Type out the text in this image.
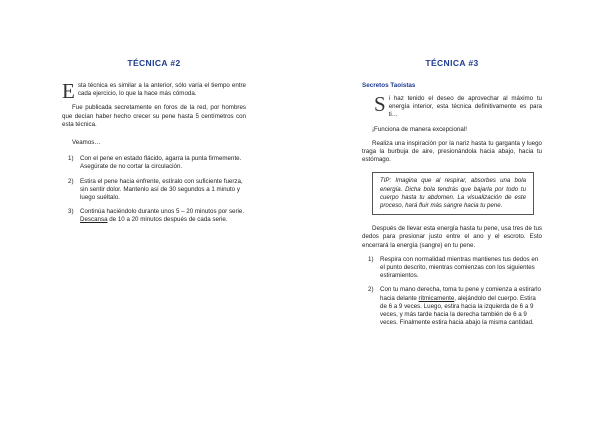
TÉCNICA #2

Esta técnica es similar a la anterior, sólo varía el tiempo entre cada ejercicio, lo que la hace más cómoda.

Fue publicada secretamente en foros de la red, por hombres que decían haber hecho crecer su pene hasta 5 centímetros con esta técnica.

Veamos…

1) Con el pene en estado flácido, agarra la punta firmemente. Asegúrate de no cortar la circulación.
2) Estira el pene hacia enfrente, estíralo con suficiente fuerza, sin sentir dolor. Mantenlo así de 30 segundos a 1 minuto y luego suéltalo.
3) Continúa haciéndolo durante unos 5 – 20 minutos por serie. Descansa de 10 a 20 minutos después de cada serie.
TÉCNICA #3
Secretos Taoístas

Si haz tenido el deseo de aprovechar al máximo tu energía interior, esta técnica definitivamente es para ti…

¡Funciona de manera excepcional!

Realiza una inspiración por la nariz hasta tu garganta y luego traga la burbuja de aire, presionándola hacia abajo, hacia tu estómago.

TIP: Imagina que al respirar, absorbes una bola energía. Dicha bola tendrás que bajarla por todo tu cuerpo hasta tu abdomen. La visualización de este proceso, hará fluir más sangre hacia tu pene.

Después de llevar esta energía hasta tu pene, usa tres de tus dedos para presionar justo entre el ano y el escroto. Esto encerrará la energía (sangre) en tu pene.

1) Respira con normalidad mientras mantienes tus dedos en el punto descrito, mientras comienzas con los siguientes estiramientos.
2) Con tu mano derecha, toma tu pene y comienza a estirarlo hacia delante rítmicamente, alejándolo del cuerpo. Estira de 6 a 9 veces. Luego, estira hacia la izquierda de 6 a 9 veces, y más tarde hacia la derecha también de 6 a 9 veces. Finalmente estira hacia abajo la misma cantidad.
